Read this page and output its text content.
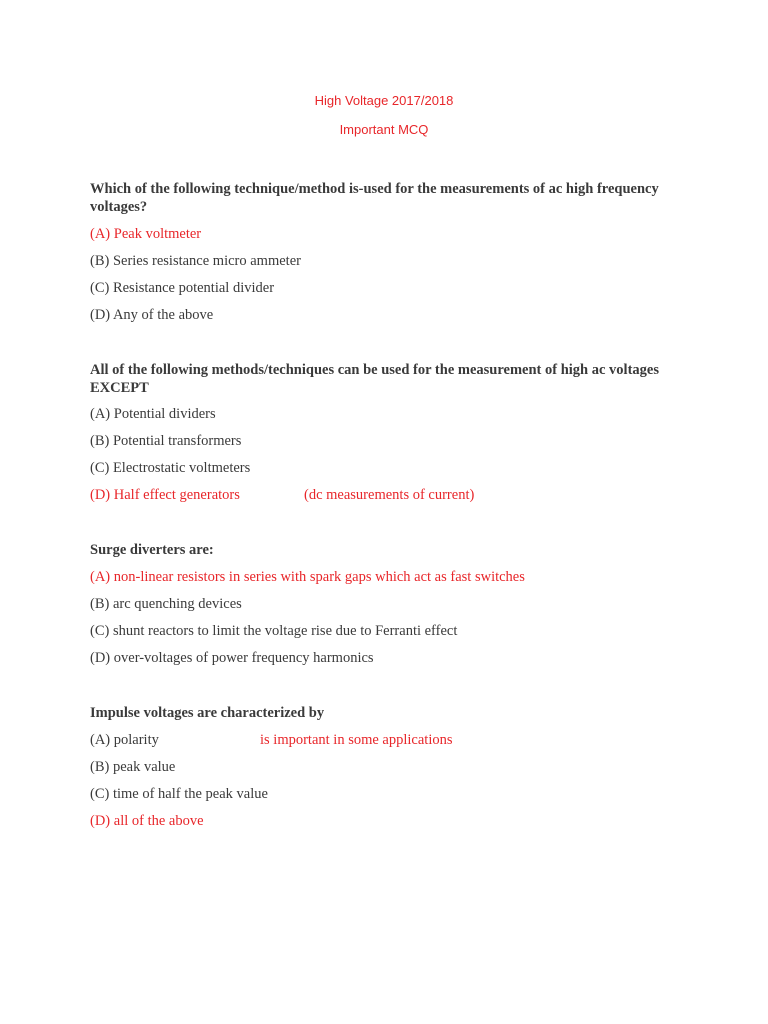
High Voltage 2017/2018
Important MCQ
Which of the following technique/method is-used for the measurements of ac high frequency voltages?
(A) Peak voltmeter
(B) Series resistance micro ammeter
(C) Resistance potential divider
(D) Any of the above
All of the following methods/techniques can be used for the measurement of high ac voltages EXCEPT
(A) Potential dividers
(B) Potential transformers
(C) Electrostatic voltmeters
(D) Half effect generators	(dc measurements of current)
Surge diverters are:
(A) non-linear resistors in series with spark gaps which act as fast switches
(B) arc quenching devices
(C) shunt reactors to limit the voltage rise due to Ferranti effect
(D) over-voltages of power frequency harmonics
Impulse voltages are characterized by
(A) polarity	is important in some applications
(B) peak value
(C) time of half the peak value
(D) all of the above
